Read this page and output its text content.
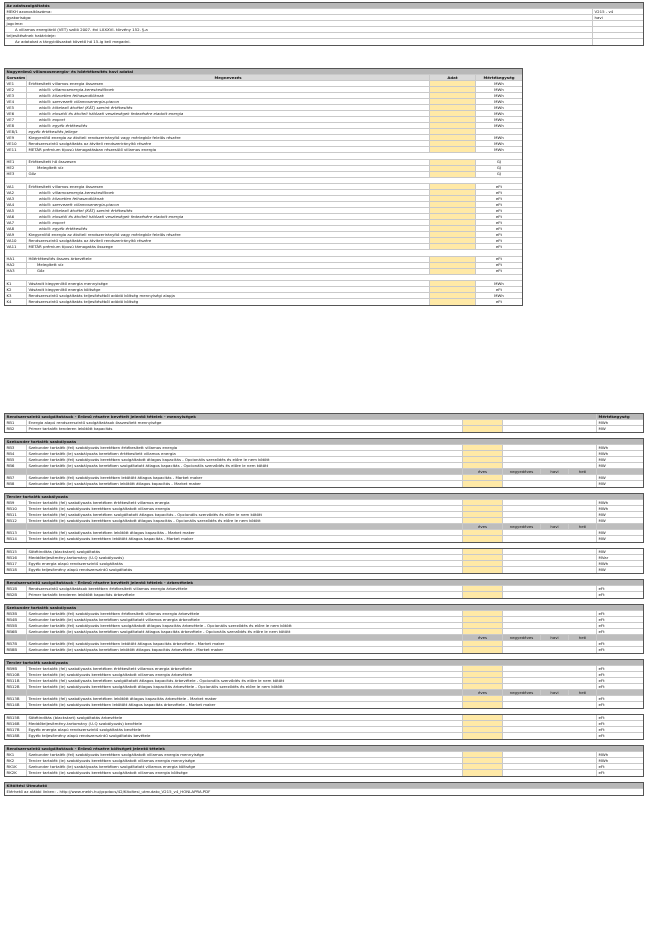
Az adatszolgáltatás
MEKH azonosítószáma:	V215 - v4
gyakorisága:	havi
jogcíme:
A villamos energiáról (VET) szóló 2007. évi LXXXVI. törvény 152. §-a
teljesítésének határideje:
Az adatokat a tárgyidőszakot követő hó 15-ig kell megadni.
Nagyerőmű villamosenergia- és hőértékesítés havi adatai
Sorszám	Megnevezés	Adat	Mértékegység
VE1	Értékesített villamos energia összesen	MWh
VE2	ebből: villamosenergia-kereskedőknek	MWh
VE3	ebből: közvetlen felhasználóknak	MWh
VE4	ebből: szervezett villamosenergia-piacon	MWh
VE5	ebből: kötelező átvétel (KÁT) szerint értékesítés	MWh
VE6	ebből: elosztói és átviteli hálózati veszteségek fedezésére eladott energia	MWh
VE7	ebből: export	MWh
VE8	ebből: egyéb értékesítés	MWh
VE8/1	egyéb értékesítés jellege
VE9	Kiegyenlítő energia az átviteli rendszerirányító vagy mérlegkör felelős részére	MWh
VE10	Rendszerszintű szolgáltatás az átviteli rendszerirányító részére	MWh
VE11	METÁR prémium típusú támogatásban részesülő villamos energia	MWh
HE1	Értékesített hő összesen	GJ
HE2	Melegített víz	GJ
HE3	Gőz	GJ
VA1	Értékesített villamos energia összesen	eFt
VA2	ebből: villamosenergia-kereskedőknek	eFt
VA3	ebből: közvetlen felhasználóknak	eFt
VA4	ebből: szervezett villamosenergia-piacon	eFt
VA5	ebből: kötelező átvétel (KÁT) szerint értékesítés	eFt
VA6	ebből: elosztói és átviteli hálózati veszteségek fedezésére eladott energia	eFt
VA7	ebből: export	eFt
VA8	ebből: egyéb értékesítés	eFt
VA9	Kiegyenlítő energia az átviteli rendszerirányító vagy mérlegkör felelős részére	eFt
VA10	Rendszerszintű szolgáltatás az átviteli rendszerirányító részére	eFt
VA11	METÁR prémium típusú támogatás összege	eFt
HA1	Hőértékesítés összes árbevétele	eFt
HA2	Melegített víz	eFt
HA3	Gőz	eFt
K1	Vásárolt kiegyenlítő energia mennyisége	MWh
K2	Vásárolt kiegyenlítő energia költsége	eFt
K3	Rendszerszintű szolgáltatás teljesítéséből adódó költség mennyiségi alapja	MWh
K4	Rendszerszintű szolgáltatás teljesítéséből adódó költség	eFt
Rendszerszintű szolgáltatások - Erőmű részére bevételt jelentő tételek - mennyiségek	Mértékegység
RB1	Energia alapú rendszerszintű szolgáltatások összesített mennyisége	MWh
RB2	Primer tartalék tenderen lekötött kapacitás	MW
Szekunder tartalék szabályozás
RB3	Szekunder tartalék (fel) szabályozás keretében értékesített villamos energia	MWh
RB4	Szekunder tartalék (le) szabályozás keretében értékesített villamos energia	MWh
RB5	Szekunder tartalék (fel) szabályozás keretében szolgáltatott átlagos kapacitás - Opcionális szerződés és előre le nem kötött	MW
RB6	Szekunder tartalék (le) szabályozás keretében szolgáltatott átlagos kapacitás - Opcionális szerződés és előre le nem kötött	MW
éves	negyedéves	havi	heti
RB7	Szekunder tartalék (fel) szabályozás keretében lekötött átlagos kapacitás - Market maker	MW
RB8	Szekunder tartalék (le) szabályozás keretében lekötött átlagos kapacitás - Market maker	MW
Tercier tartalék szabályozás
RB9	Tercier tartalék (fel) szabályozás keretében értékesített villamos energia	MWh
RB10	Tercier tartalék (le) szabályozás keretében szolgáltatott villamos energia	MWh
RB11	Tercier tartalék (fel) szabályozás keretében szolgáltatott átlagos kapacitás - Opcionális szerződés és előre le nem kötött	MW
RB12	Tercier tartalék (le) szabályozás keretében szolgáltatott átlagos kapacitás - Opcionális szerződés és előre le nem kötött	MW
éves	negyedéves	havi	heti
RB13	Tercier tartalék (fel) szabályozás keretében lekötött átlagos kapacitás - Market maker	MW
RB14	Tercier tartalék (le) szabályozás keretében lekötött átlagos kapacitás - Market maker	MW
RB15	Sötétindítás (blackstart) szolgáltatás	MW
RB16	Meddőteljesítmény-tartomány (U-Q szabályozás)	MVar
RB17	Egyéb energia alapú rendszerszintű szolgáltatás	MWh
RB18	Egyéb teljesítmény alapú rendszerszintű szolgáltatás	MW
Rendszerszintű szolgáltatások - Erőmű részére bevételt jelentő tételek - árbevételek
RB1B	Rendszerszintű szolgáltatások keretében értékesített villamos energia árbevétele	eFt
RB2B	Primer tartalék tenderen lekötött kapacitás árbevétele	eFt
Szekunder tartalék szabályozás
RB3B	Szekunder tartalék (fel) szabályozás keretében értékesített villamos energia árbevétele	eFt
RB4B	Szekunder tartalék (le) szabályozás keretében szolgáltatott villamos energia árbevétele	eFt
RB5B	Szekunder tartalék (fel) szabályozás keretében szolgáltatott átlagos kapacitás árbevétele - Opcionális szerződés és előre le nem kötött	eFt
RB6B	Szekunder tartalék (le) szabályozás keretében szolgáltatott átlagos kapacitás árbevétele - Opcionális szerződés és előre le nem kötött	eFt
éves	negyedéves	havi	heti
RB7B	Szekunder tartalék (fel) szabályozás keretében lekötött átlagos kapacitás árbevétele - Market maker	eFt
RB8B	Szekunder tartalék (le) szabályozás keretében lekötött átlagos kapacitás árbevétele - Market maker	eFt
Tercier tartalék szabályozás
RB9B	Tercier tartalék (fel) szabályozás keretében értékesített villamos energia árbevétele	eFt
RB10B	Tercier tartalék (le) szabályozás keretében szolgáltatott villamos energia árbevétele	eFt
RB11B	Tercier tartalék (fel) szabályozás keretében szolgáltatott átlagos kapacitás árbevétele - Opcionális szerződés és előre le nem kötött	eFt
RB12B	Tercier tartalék (le) szabályozás keretében szolgáltatott átlagos kapacitás árbevétele - Opcionális szerződés és előre le nem kötött	eFt
éves	negyedéves	havi	heti
RB13B	Tercier tartalék (fel) szabályozás keretében lekötött átlagos kapacitás árbevétele - Market maker	eFt
RB14B	Tercier tartalék (le) szabályozás keretében lekötött átlagos kapacitás árbevétele - Market maker	eFt
RB15B	Sötétindítás (blackstart) szolgáltatás árbevétele	eFt
RB16B	Meddőteljesítmény-tartomány (U-Q szabályozás) bevétele	eFt
RB17B	Egyéb energia alapú rendszerszintű szolgáltatás bevétele	eFt
RB18B	Egyéb teljesítmény alapú rendszerszintű szolgáltatás bevétele	eFt
Rendszerszintű szolgáltatások - Erőmű részére költséget jelentő tételek
RK1	Szekunder tartalék (fel) szabályozás keretében szolgáltatott villamos energia mennyisége	MWh
RK2	Tercier tartalék (le) szabályozás keretében szolgáltatott villamos energia mennyisége	MWh
RK1K	Szekunder tartalék (le) szabályozás keretében szolgáltatott villamos energia költsége	eFt
RK2K	Tercier tartalék (le) szabályozás keretében szolgáltatott villamos energia költsége	eFt
Kitöltési Útmutató
Elérhető az alábbi linken: - http://www.mekh.hu/gcpdocs/42/Kitoltesi_utmutato_V215_v4_HONLAPRA.PDF
